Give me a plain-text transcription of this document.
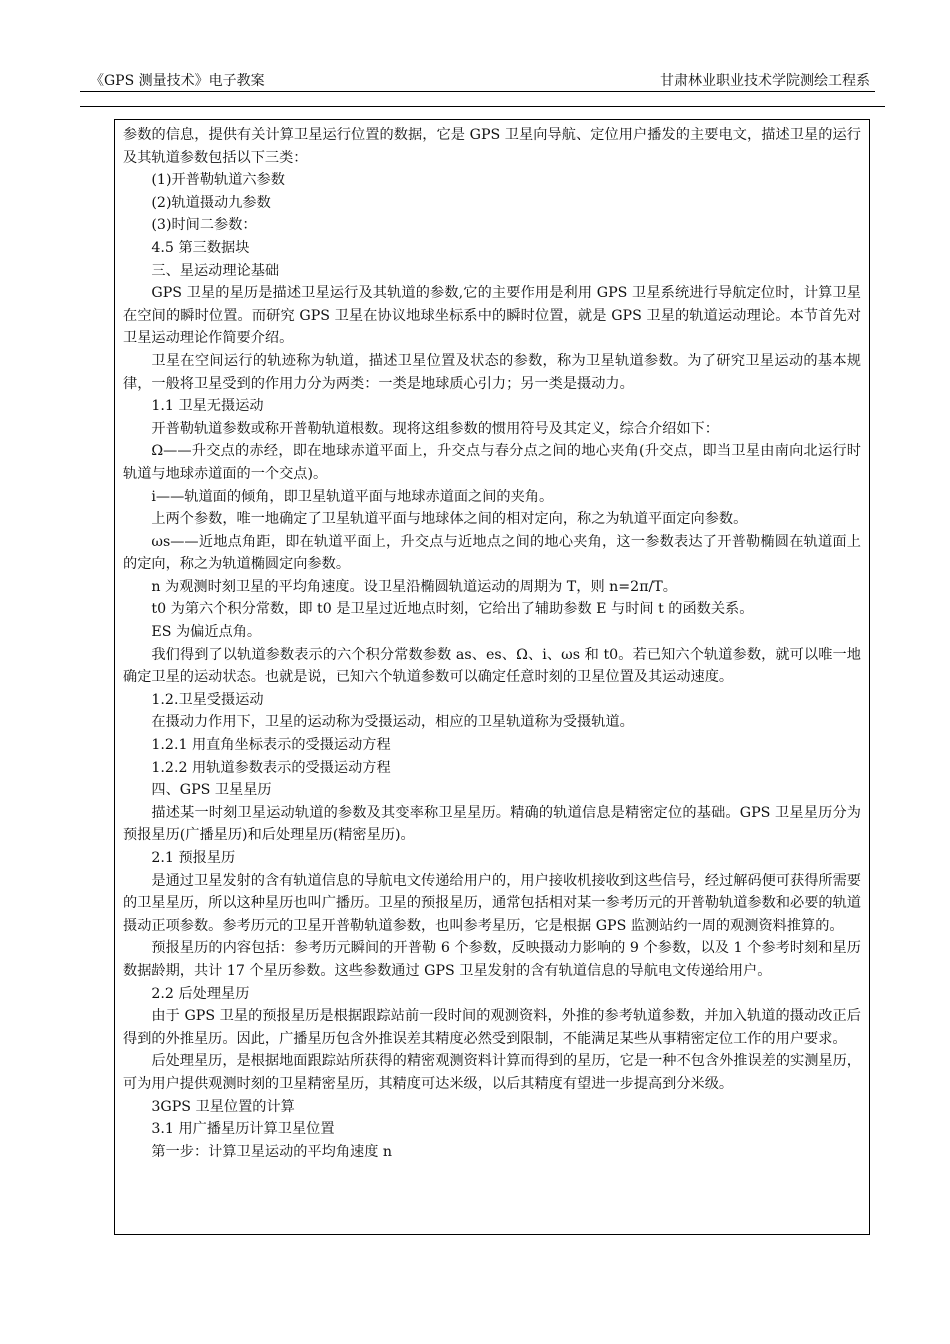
《GPS 测量技术》电子教案	甘肃林业职业技术学院测绘工程系

参数的信息，提供有关计算卫星运行位置的数据，它是 GPS 卫星向导航、定位用户播发的主要电文，描述卫星的运行及其轨道参数包括以下三类：

(1)开普勒轨道六参数

(2)轨道摄动九参数

(3)时间二参数：

4.5 第三数据块

三、星运动理论基础

GPS 卫星的星历是描述卫星运行及其轨道的参数,它的主要作用是利用 GPS 卫星系统进行导航定位时，计算卫星在空间的瞬时位置。而研究 GPS 卫星在协议地球坐标系中的瞬时位置，就是 GPS 卫星的轨道运动理论。本节首先对卫星运动理论作简要介绍。

卫星在空间运行的轨迹称为轨道，描述卫星位置及状态的参数，称为卫星轨道参数。为了研究卫星运动的基本规律，一般将卫星受到的作用力分为两类：一类是地球质心引力；另一类是摄动力。

1.1 卫星无摄运动

开普勒轨道参数或称开普勒轨道根数。现将这组参数的惯用符号及其定义，综合介绍如下：

Ω——升交点的赤经，即在地球赤道平面上，升交点与春分点之间的地心夹角(升交点，即当卫星由南向北运行时轨道与地球赤道面的一个交点)。

i——轨道面的倾角，即卫星轨道平面与地球赤道面之间的夹角。

上两个参数，唯一地确定了卫星轨道平面与地球体之间的相对定向，称之为轨道平面定向参数。

ωs——近地点角距，即在轨道平面上，升交点与近地点之间的地心夹角，这一参数表达了开普勒椭圆在轨道面上的定向，称之为轨道椭圆定向参数。

n 为观测时刻卫星的平均角速度。设卫星沿椭圆轨道运动的周期为 T，则 n=2π/T。

t0 为第六个积分常数，即 t0 是卫星过近地点时刻，它给出了辅助参数 E 与时间 t 的函数关系。

ES 为偏近点角。

我们得到了以轨道参数表示的六个积分常数参数 as、es、Ω、i、ωs 和 t0。若已知六个轨道参数，就可以唯一地确定卫星的运动状态。也就是说，已知六个轨道参数可以确定任意时刻的卫星位置及其运动速度。

1.2.卫星受摄运动

在摄动力作用下，卫星的运动称为受摄运动，相应的卫星轨道称为受摄轨道。

1.2.1 用直角坐标表示的受摄运动方程

1.2.2 用轨道参数表示的受摄运动方程

四、GPS 卫星星历

描述某一时刻卫星运动轨道的参数及其变率称卫星星历。精确的轨道信息是精密定位的基础。GPS 卫星星历分为预报星历(广播星历)和后处理星历(精密星历)。

2.1 预报星历

是通过卫星发射的含有轨道信息的导航电文传递给用户的，用户接收机接收到这些信号，经过解码便可获得所需要的卫星星历，所以这种星历也叫广播历。卫星的预报星历，通常包括相对某一参考历元的开普勒轨道参数和必要的轨道摄动正项参数。参考历元的卫星开普勒轨道参数，也叫参考星历，它是根据 GPS 监测站约一周的观测资料推算的。

预报星历的内容包括：参考历元瞬间的开普勒 6 个参数，反映摄动力影响的 9 个参数，以及 1 个参考时刻和星历数据龄期，共计 17 个星历参数。这些参数通过 GPS 卫星发射的含有轨道信息的导航电文传递给用户。

2.2 后处理星历

由于 GPS 卫星的预报星历是根据跟踪站前一段时间的观测资料，外推的参考轨道参数，并加入轨道的摄动改正后得到的外推星历。因此，广播星历包含外推误差其精度必然受到限制，不能满足某些从事精密定位工作的用户要求。

后处理星历，是根据地面跟踪站所获得的精密观测资料计算而得到的星历，它是一种不包含外推误差的实测星历，可为用户提供观测时刻的卫星精密星历，其精度可达米级，以后其精度有望进一步提高到分米级。

3GPS 卫星位置的计算

3.1 用广播星历计算卫星位置

第一步：计算卫星运动的平均角速度 n
